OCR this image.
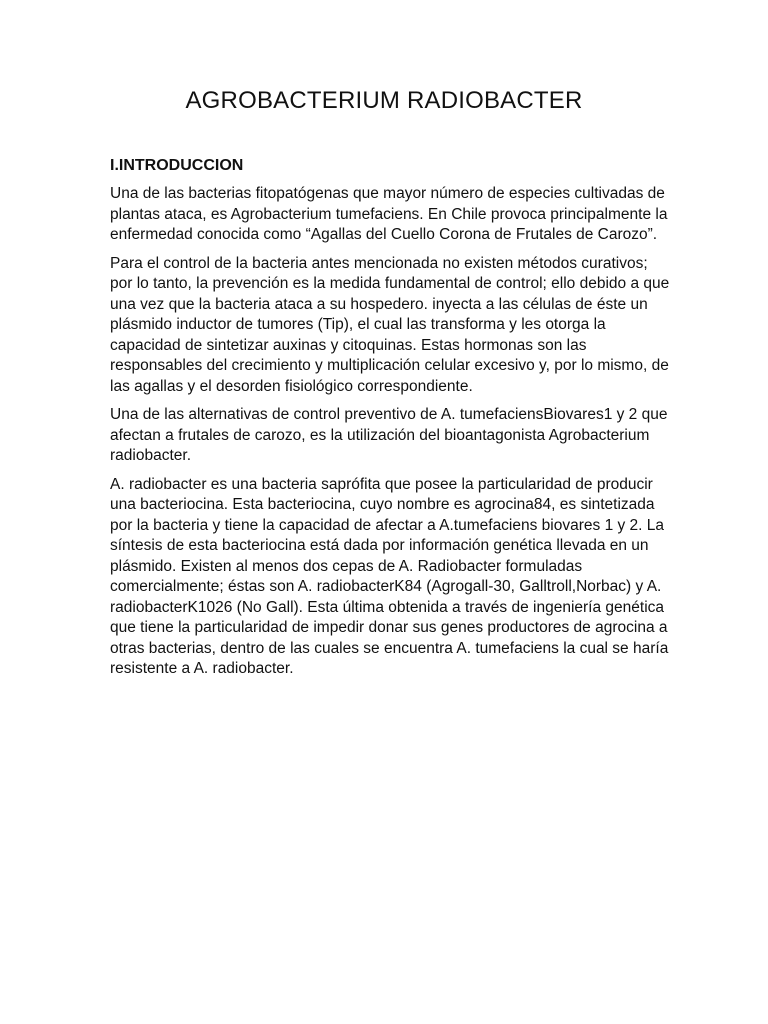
AGROBACTERIUM RADIOBACTER
I.INTRODUCCION

Una de las bacterias fitopatógenas que mayor número de especies cultivadas de plantas ataca, es Agrobacterium tumefaciens. En Chile provoca principalmente la enfermedad conocida como “Agallas del Cuello Corona de Frutales de Carozo”.

Para el control de la bacteria antes mencionada no existen métodos curativos; por lo tanto, la prevención es la medida fundamental de control; ello debido a que una vez que la bacteria ataca a su hospedero. inyecta a las células de éste un plásmido inductor de tumores (Tip), el cual las transforma y les otorga la capacidad de sintetizar auxinas y citoquinas. Estas hormonas son las responsables del crecimiento y multiplicación celular excesivo y, por lo mismo, de las agallas y el desorden fisiológico correspondiente.

Una de las alternativas de control preventivo de A. tumefaciensBiovares1 y 2 que afectan a frutales de carozo, es la utilización del bioantagonista Agrobacterium radiobacter.

A. radiobacter es una bacteria saprófita que posee la particularidad de producir una bacteriocina. Esta bacteriocina, cuyo nombre es agrocina84, es sintetizada por la bacteria y tiene la capacidad de afectar a A.tumefaciens biovares 1 y 2. La síntesis de esta bacteriocina está dada por información genética llevada en un plásmido. Existen al menos dos cepas de A. Radiobacter formuladas comercialmente; éstas son A. radiobacterK84 (Agrogall-30, Galltroll,Norbac) y A. radiobacterK1026 (No Gall). Esta última obtenida a través de ingeniería genética que tiene la particularidad de impedir donar sus genes productores de agrocina a otras bacterias, dentro de las cuales se encuentra A. tumefaciens la cual se haría resistente a A. radiobacter.
